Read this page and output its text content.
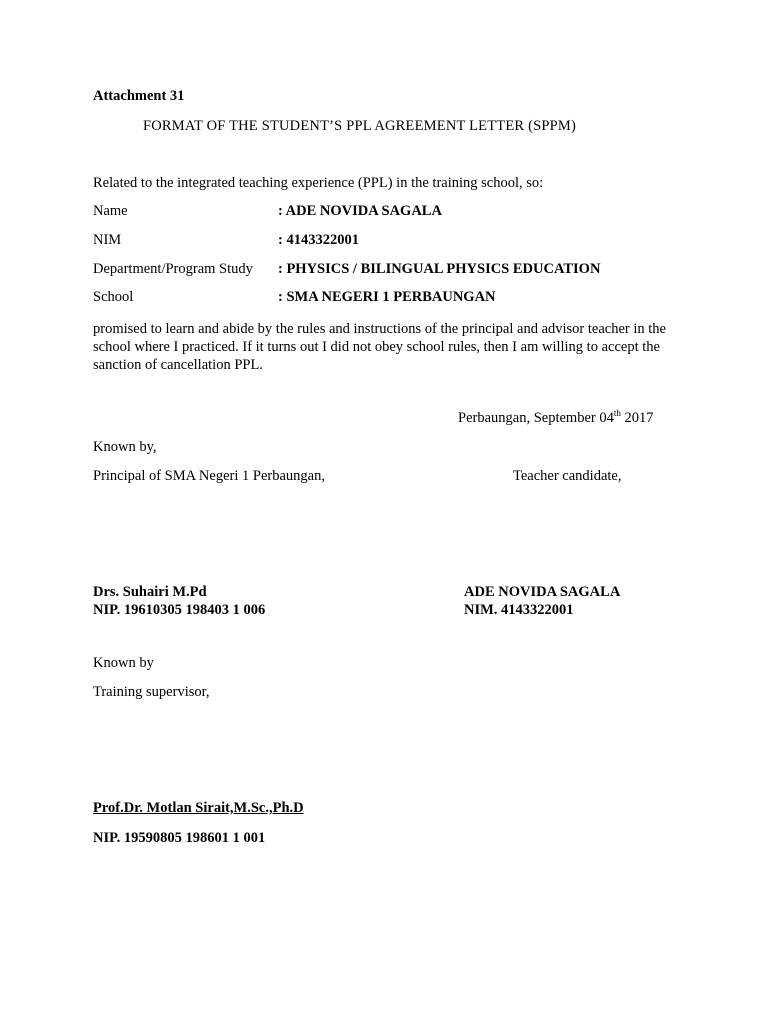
Attachment 31
FORMAT OF THE STUDENT’S PPL AGREEMENT LETTER (SPPM)
Related to the integrated teaching experience (PPL) in the training school, so:
Name	: ADE NOVIDA SAGALA
NIM	: 4143322001
Department/Program Study : PHYSICS / BILINGUAL PHYSICS EDUCATION
School	: SMA NEGERI 1 PERBAUNGAN
promised to learn and abide by the rules and instructions of the principal and advisor teacher in the school where I practiced. If it turns out I did not obey school rules, then I am willing to accept the sanction of cancellation PPL.
Perbaungan, September 04th 2017
Known by,
Principal of SMA Negeri 1 Perbaungan,	Teacher candidate,
Drs. Suhairi M.Pd
NIP. 19610305 198403 1 006
ADE NOVIDA SAGALA
NIM. 4143322001
Known by
Training supervisor,
Prof.Dr. Motlan Sirait,M.Sc.,Ph.D
NIP. 19590805 198601 1 001
